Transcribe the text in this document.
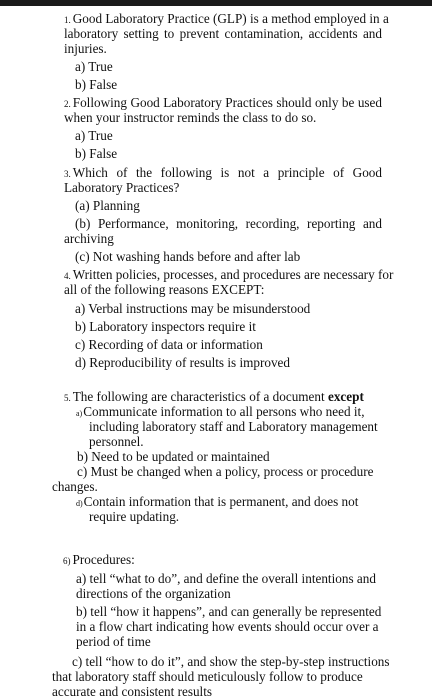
1. Good Laboratory Practice (GLP) is a method employed in a
laboratory setting to prevent contamination, accidents and
injuries.
a) True
b) False
2. Following Good Laboratory Practices should only be used
when your instructor reminds the class to do so.
a) True
b) False
3. Which of the following is not a principle of Good
Laboratory Practices?
(a) Planning
(b) Performance, monitoring, recording, reporting and
archiving
(c) Not washing hands before and after lab
4. Written policies, processes, and procedures are necessary for
all of the following reasons EXCEPT:
a) Verbal instructions may be misunderstood
b) Laboratory inspectors require it
c) Recording of data or information
d) Reproducibility of results is improved
5. The following are characteristics of a document except
a)Communicate information to all persons who need it,
including laboratory staff and Laboratory management
personnel.
b) Need to be updated or maintained
c) Must be changed when a policy, process or procedure
changes.
d)Contain information that is permanent, and does not
require updating.
6) Procedures:
a) tell “what to do”, and define the overall intentions and
directions of the organization
b) tell “how it happens”, and can generally be represented
in a flow chart indicating how events should occur over a
period of time
c) tell “how to do it”, and show the step-by-step instructions
that laboratory staff should meticulously follow to produce
accurate and consistent results
